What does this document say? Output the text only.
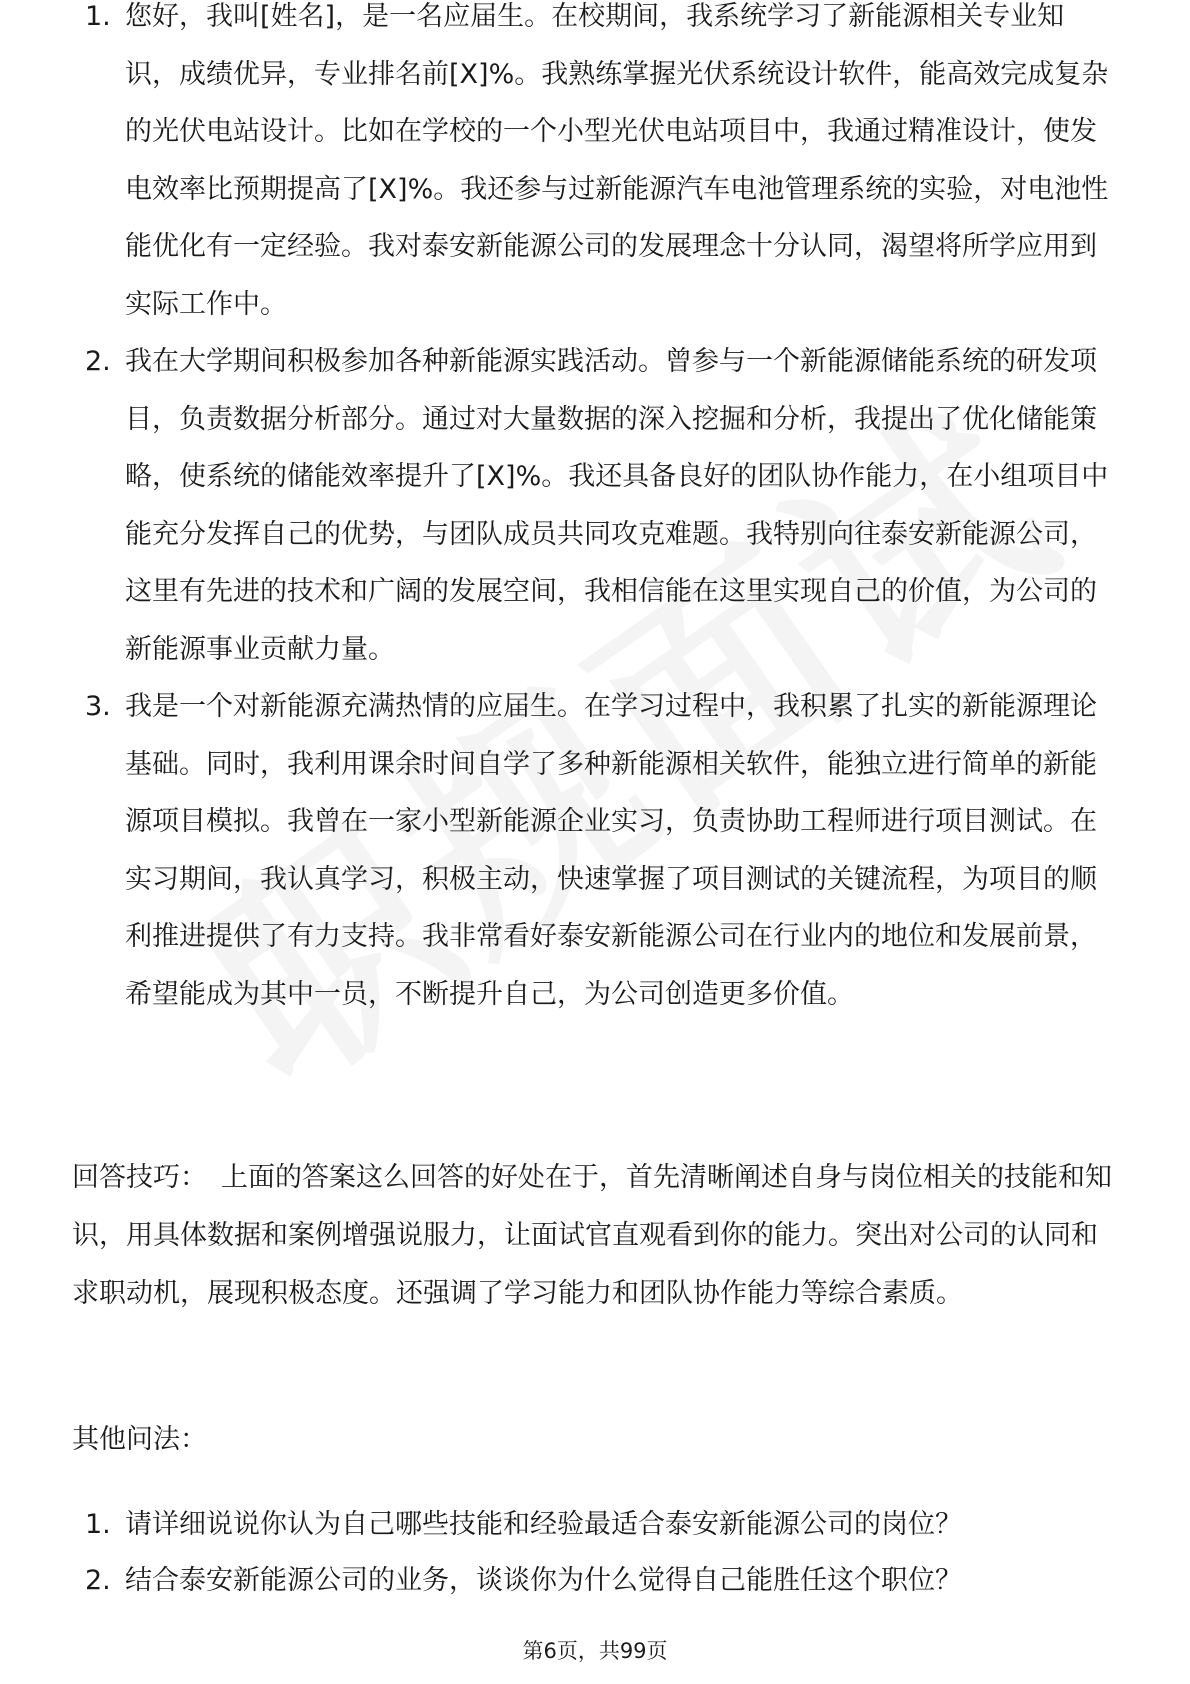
1. 您好，我叫[姓名]，是一名应届生。在校期间，我系统学习了新能源相关专业知识，成绩优异，专业排名前[X]%。我熟练掌握光伏系统设计软件，能高效完成复杂的光伏电站设计。比如在学校的一个小型光伏电站项目中，我通过精准设计，使发电效率比预期提高了[X]%。我还参与过新能源汽车电池管理系统的实验，对电池性能优化有一定经验。我对泰安新能源公司的发展理念十分认同，渴望将所学应用到实际工作中。
2. 我在大学期间积极参加各种新能源实践活动。曾参与一个新能源储能系统的研发项目，负责数据分析部分。通过对大量数据的深入挖掘和分析，我提出了优化储能策略，使系统的储能效率提升了[X]%。我还具备良好的团队协作能力，在小组项目中能充分发挥自己的优势，与团队成员共同攻克难题。我特别向往泰安新能源公司，这里有先进的技术和广阔的发展空间，我相信能在这里实现自己的价值，为公司的新能源事业贡献力量。
3. 我是一个对新能源充满热情的应届生。在学习过程中，我积累了扎实的新能源理论基础。同时，我利用课余时间自学了多种新能源相关软件，能独立进行简单的新能源项目模拟。我曾在一家小型新能源企业实习，负责协助工程师进行项目测试。在实习期间，我认真学习，积极主动，快速掌握了项目测试的关键流程，为项目的顺利推进提供了有力支持。我非常看好泰安新能源公司在行业内的地位和发展前景，希望能成为其中一员，不断提升自己，为公司创造更多价值。

回答技巧： 上面的答案这么回答的好处在于，首先清晰阐述自身与岗位相关的技能和知识，用具体数据和案例增强说服力，让面试官直观看到你的能力。突出对公司的认同和求职动机，展现积极态度。还强调了学习能力和团队协作能力等综合素质。

其他问法：

1. 请详细说说你认为自己哪些技能和经验最适合泰安新能源公司的岗位？
2. 结合泰安新能源公司的业务，谈谈你为什么觉得自己能胜任这个职位？
第6页，共99页
